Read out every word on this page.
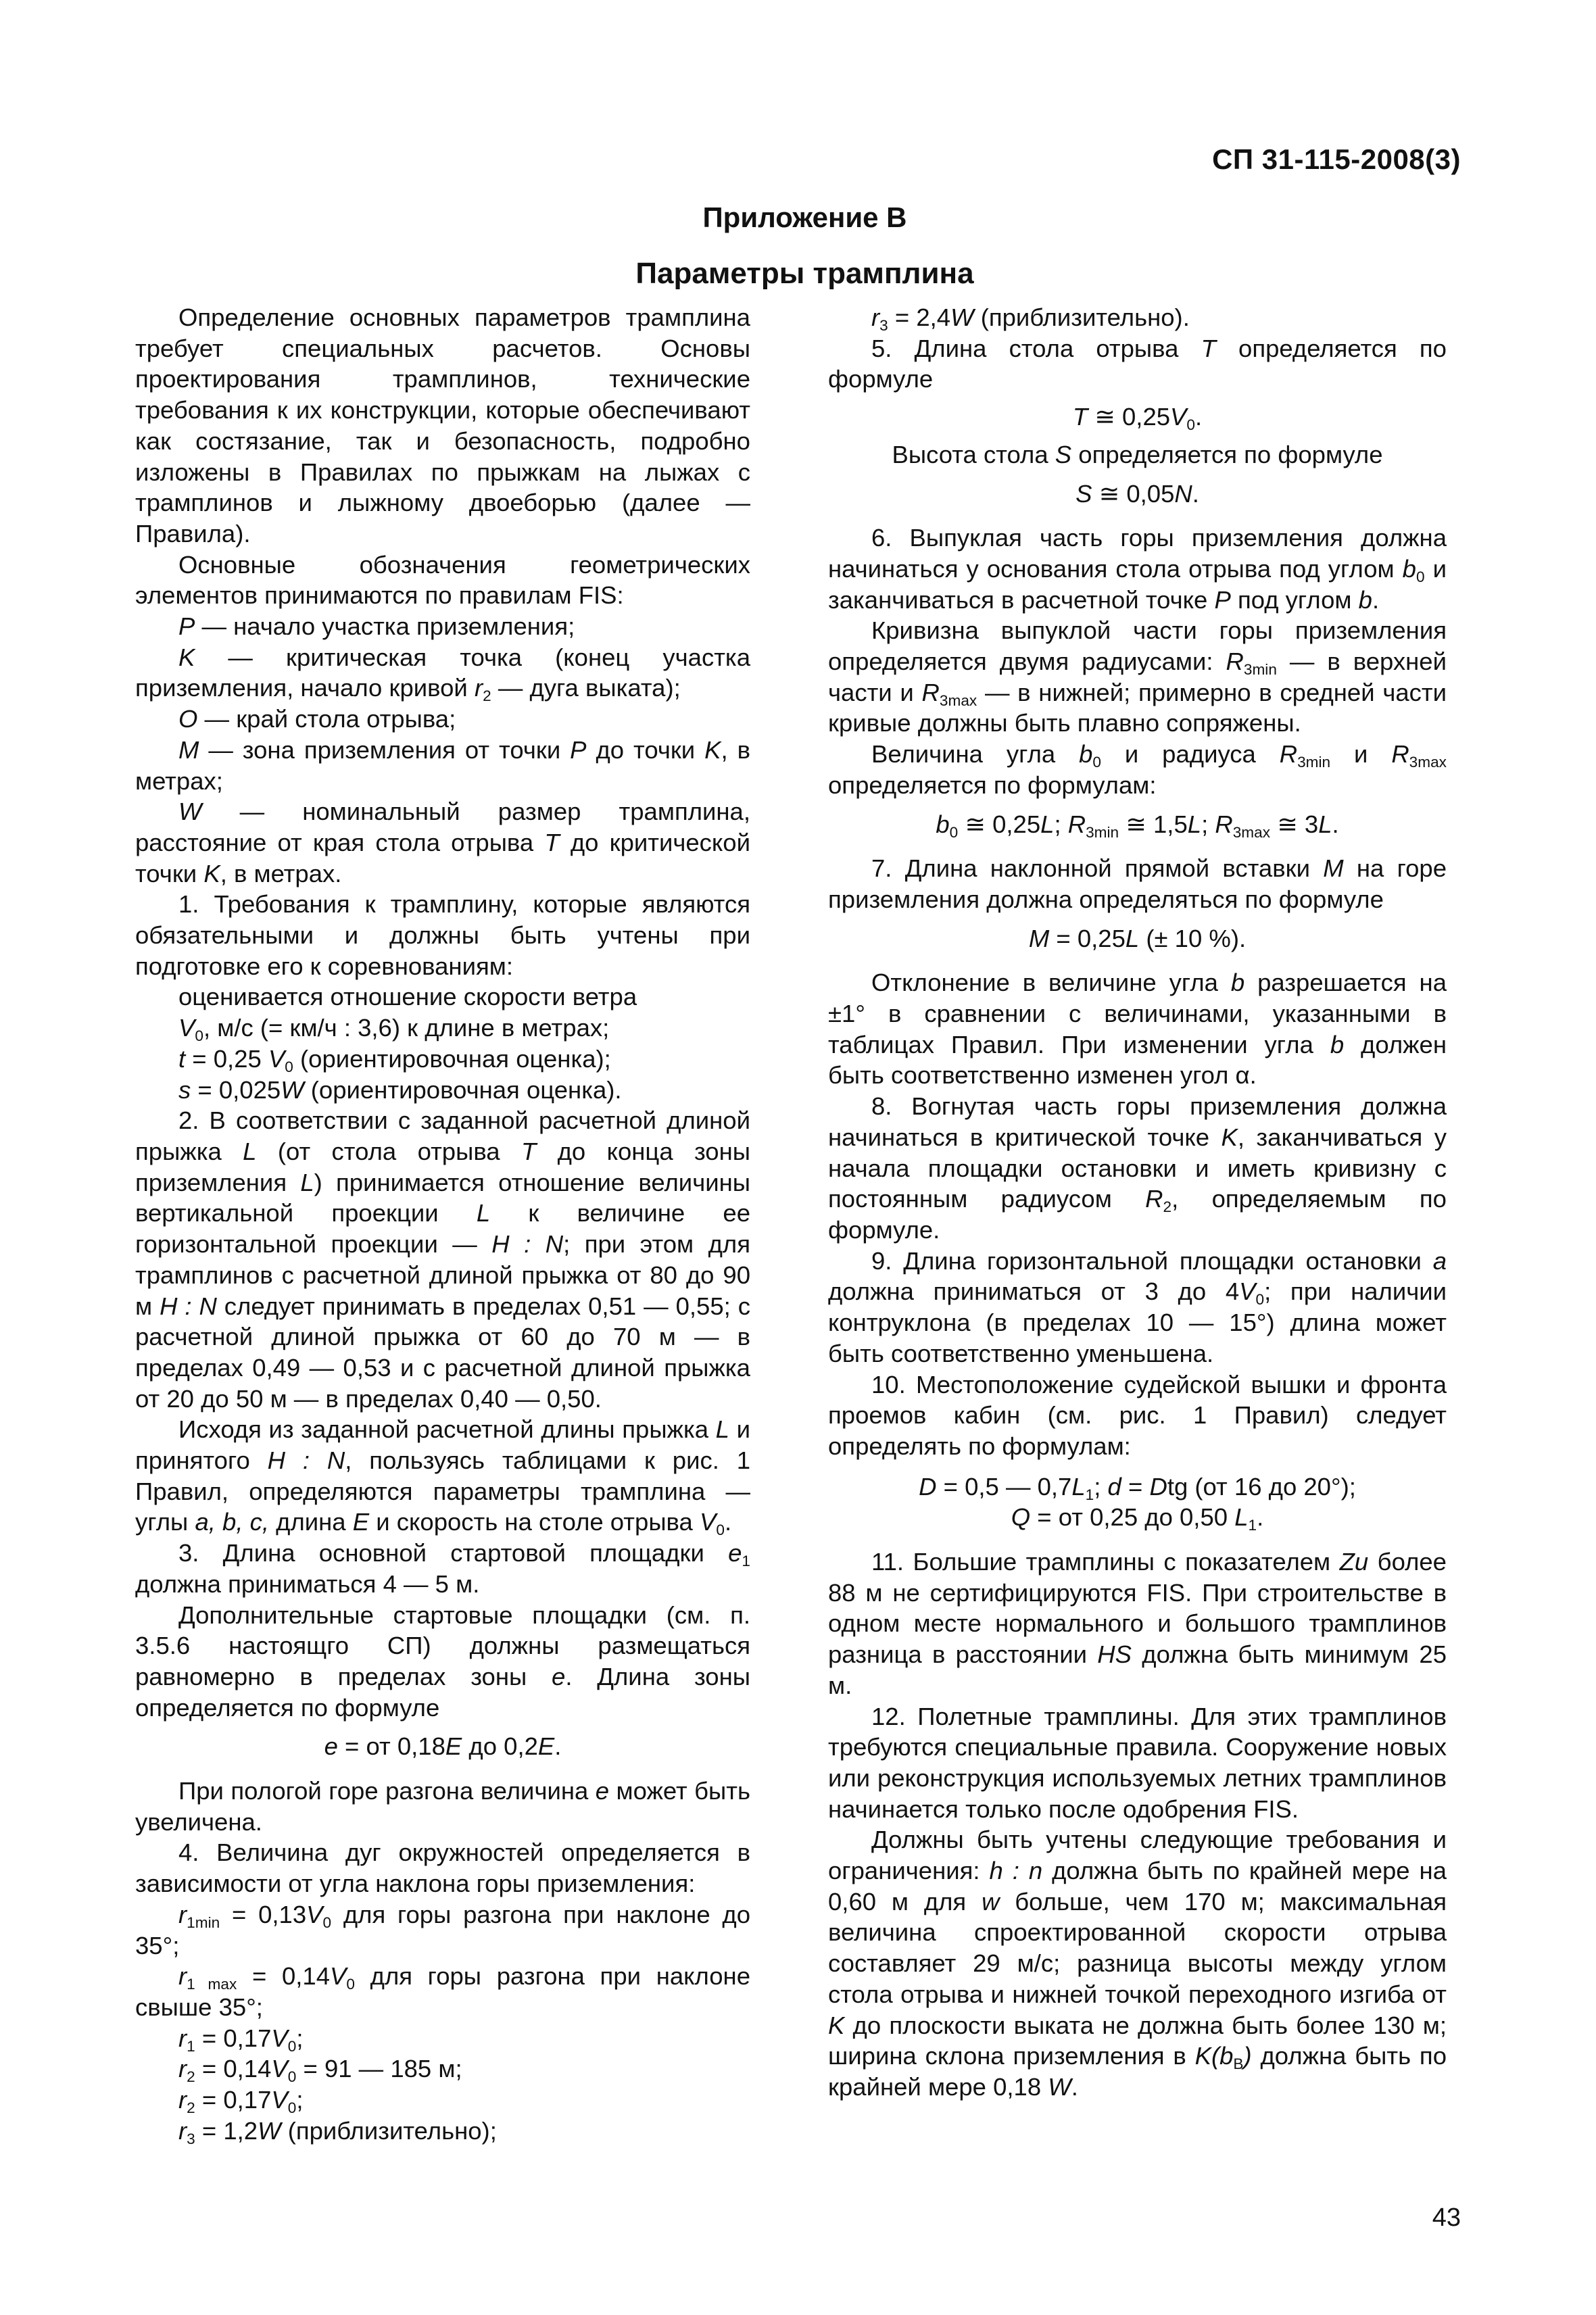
СП 31-115-2008(3)
Приложение В
Параметры трамплина

Определение основных параметров трамплина требует специальных расчетов. Основы проектирования трамплинов, технические требования к их конструкции, которые обеспечивают как состязание, так и безопасность, подробно изложены в Правилах по прыжкам на лыжах с трамплинов и лыжному двоеборью (далее — Правила).

Основные обозначения геометрических элементов принимаются по правилам FIS:

P — начало участка приземления;

K — критическая точка (конец участка приземления, начало кривой $r_2$ — дуга выката);

O — край стола отрыва;

M — зона приземления от точки P до точки K, в метрах;

W — номинальный размер трамплина, расстояние от края стола отрыва T до критической точки K, в метрах.

1. Требования к трамплину, которые являются обязательными и должны быть учтены при подготовке его к соревнованиям:

оценивается отношение скорости ветра

$V_0$, м/с (= км/ч : 3,6) к длине в метрах;

t = 0,25 $V_0$ (ориентировочная оценка);

s = 0,025W (ориентировочная оценка).

2. В соответствии с заданной расчетной длиной прыжка L (от стола отрыва T до конца зоны приземления L) принимается отношение величины вертикальной проекции L к величине ее горизонтальной проекции — H : N; при этом для трамплинов с расчетной длиной прыжка от 80 до 90 м H : N следует принимать в пределах 0,51 — 0,55; с расчетной длиной прыжка от 60 до 70 м — в пределах 0,49 — 0,53 и с расчетной длиной прыжка от 20 до 50 м — в пределах 0,40 — 0,50.

Исходя из заданной расчетной длины прыжка L и принятого H : N, пользуясь таблицами к рис. 1 Правил, определяются параметры трамплина — углы a, b, c, длина E и скорость на столе отрыва $V_0$.

3. Длина основной стартовой площадки $e_1$ должна приниматься 4 — 5 м.

Дополнительные стартовые площадки (см. п. 3.5.6 настоящго СП) должны размещаться равномерно в пределах зоны e. Длина зоны определяется по формуле

e = от 0,18E до 0,2E.

При пологой горе разгона величина e может быть увеличена.

4. Величина дуг окружностей определяется в зависимости от угла наклона горы приземления:

$r_{1min} = 0,13V_0$ для горы разгона при наклоне до 35°;

$r_{1 max} = 0,14V_0$ для горы разгона при наклоне свыше 35°;

$r_1 = 0,17V_0$;

$r_2 = 0,14V_0 = 91$ — 185 м;

$r_2 = 0,17V_0$;

$r_3 = 1,2W$ (приблизительно);

$r_3 = 2,4W$ (приблизительно).

5. Длина стола отрыва T определяется по формуле

T ≅ $0,25V_0$.

Высота стола S определяется по формуле

S ≅ 0,05N.

6. Выпуклая часть горы приземления должна начинаться у основания стола отрыва под углом $b_0$ и заканчиваться в расчетной точке P под углом b.

Кривизна выпуклой части горы приземления определяется двумя радиусами: $R_{3min}$ — в верхней части и $R_{3max}$ — в нижней; примерно в средней части кривые должны быть плавно сопряжены.

Величина угла $b_0$ и радиуса $R_{3min}$ и $R_{3max}$ определяется по формулам:

$b_0$ ≅ 0,25L; $R_{3min}$ ≅ 1,5L; $R_{3max}$ ≅ 3L.

7. Длина наклонной прямой вставки M на горе приземления должна определяться по формуле

M = 0,25L (± 10 %).

Отклонение в величине угла b разрешается на ±1° в сравнении с величинами, указанными в таблицах Правил. При изменении угла b должен быть соответственно изменен угол α.

8. Вогнутая часть горы приземления должна начинаться в критической точке K, заканчиваться у начала площадки остановки и иметь кривизну с постоянным радиусом $R_2$, определяемым по формуле.

9. Длина горизонтальной площадки остановки a должна приниматься от 3 до $4V_0$; при наличии контруклона (в пределах 10 — 15°) длина может быть соответственно уменьшена.

10. Местоположение судейской вышки и фронта проемов кабин (см. рис. 1 Правил) следует определять по формулам:

D = 0,5 — $0,7L_1$; d = Dtg (от 16 до 20°);

Q = от 0,25 до 0,50 $L_1$.

11. Большие трамплины с показателем Zu более 88 м не сертифицируются FIS. При строительстве в одном месте нормального и большого трамплинов разница в расстоянии HS должна быть минимум 25 м.

12. Полетные трамплины. Для этих трамплинов требуются специальные правила. Сооружение новых или реконструкция используемых летних трамплинов начинается только после одобрения FIS.

Должны быть учтены следующие требования и ограничения: h : n должна быть по крайней мере на 0,60 м для w больше, чем 170 м; максимальная величина спроектированной скорости отрыва составляет 29 м/с; разница высоты между углом стола отрыва и нижней точкой переходного изгиба от K до плоскости выката не должна быть более 130 м; ширина склона приземления в $K(b_B)$ должна быть по крайней мере 0,18 W.

43
